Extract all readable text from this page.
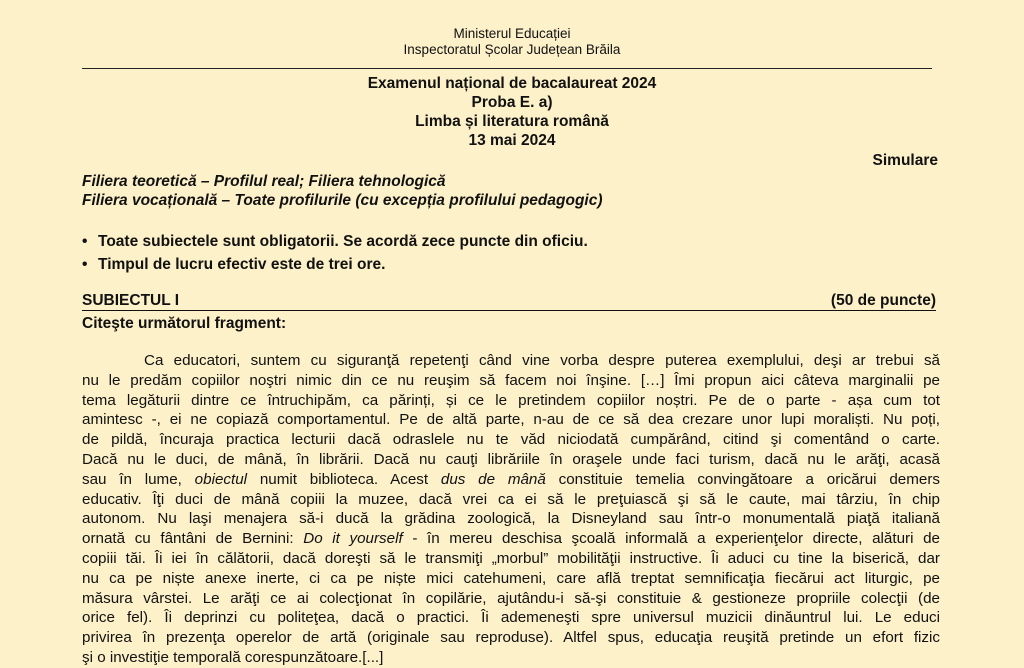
Ministerul Educației
Inspectoratul Școlar Județean Brăila
Examenul național de bacalaureat 2024
Proba E. a)
Limba și literatura română
13 mai 2024
Simulare
Filiera teoretică – Profilul real; Filiera tehnologică
Filiera vocațională – Toate profilurile (cu excepția profilului pedagogic)
• Toate subiectele sunt obligatorii. Se acordă zece puncte din oficiu.
• Timpul de lucru efectiv este de trei ore.
SUBIECTUL I	(50 de puncte)
Citeşte următorul fragment:
Ca educatori, suntem cu siguranţă repetenţi când vine vorba despre puterea exemplului, deşi ar trebui să
nu le predăm copiilor noştri nimic din ce nu reuşim să facem noi înşine. […] Îmi propun aici câteva marginalii pe
tema legăturii dintre ce întruchipăm, ca părinți, și ce le pretindem copiilor noștri. Pe de o parte - așa cum tot
amintesc -, ei ne copiază comportamentul. Pe de altă parte, n-au de ce să dea crezare unor lupi moraliști. Nu poți,
de pildă, încuraja practica lecturii dacă odraslele nu te văd niciodată cumpărând, citind şi comentând o carte.
Dacă nu le duci, de mână, în librării. Dacă nu cauţi librăriile în oraşele unde faci turism, dacă nu le arăţi, acasă
sau în lume, obiectul numit biblioteca. Acest dus de mână constituie temelia convingătoare a oricărui demers
educativ. Îţi duci de mână copiii la muzee, dacă vrei ca ei să le preţuiască şi să le caute, mai târziu, în chip
autonom. Nu laşi menajera să-i ducă la grădina zoologică, la Disneyland sau într-o monumentală piaţă italiană
ornată cu fântâni de Bernini: Do it yourself - în mereu deschisa şcoală informală a experienţelor directe, alături de
copiii tăi. Îi iei în călătorii, dacă doreşti să le transmiţi „morbul” mobilităţii instructive. Îi aduci cu tine la biserică, dar
nu ca pe niște anexe inerte, ci ca pe niște mici catehumeni, care află treptat semnificaţia fiecărui act liturgic, pe
măsura vârstei. Le arăţi ce ai colecţionat în copilărie, ajutându-i să-şi constituie & gestioneze propriile colecţii (de
orice fel). Îi deprinzi cu politeţea, dacă o practici. Îi ademeneşti spre universul muzicii dinăuntrul lui. Le educi
privirea în prezenţa operelor de artă (originale sau reproduse). Altfel spus, educaţia reuşită pretinde un efort fizic
şi o investiţie temporală corespunzătoare.[...]
